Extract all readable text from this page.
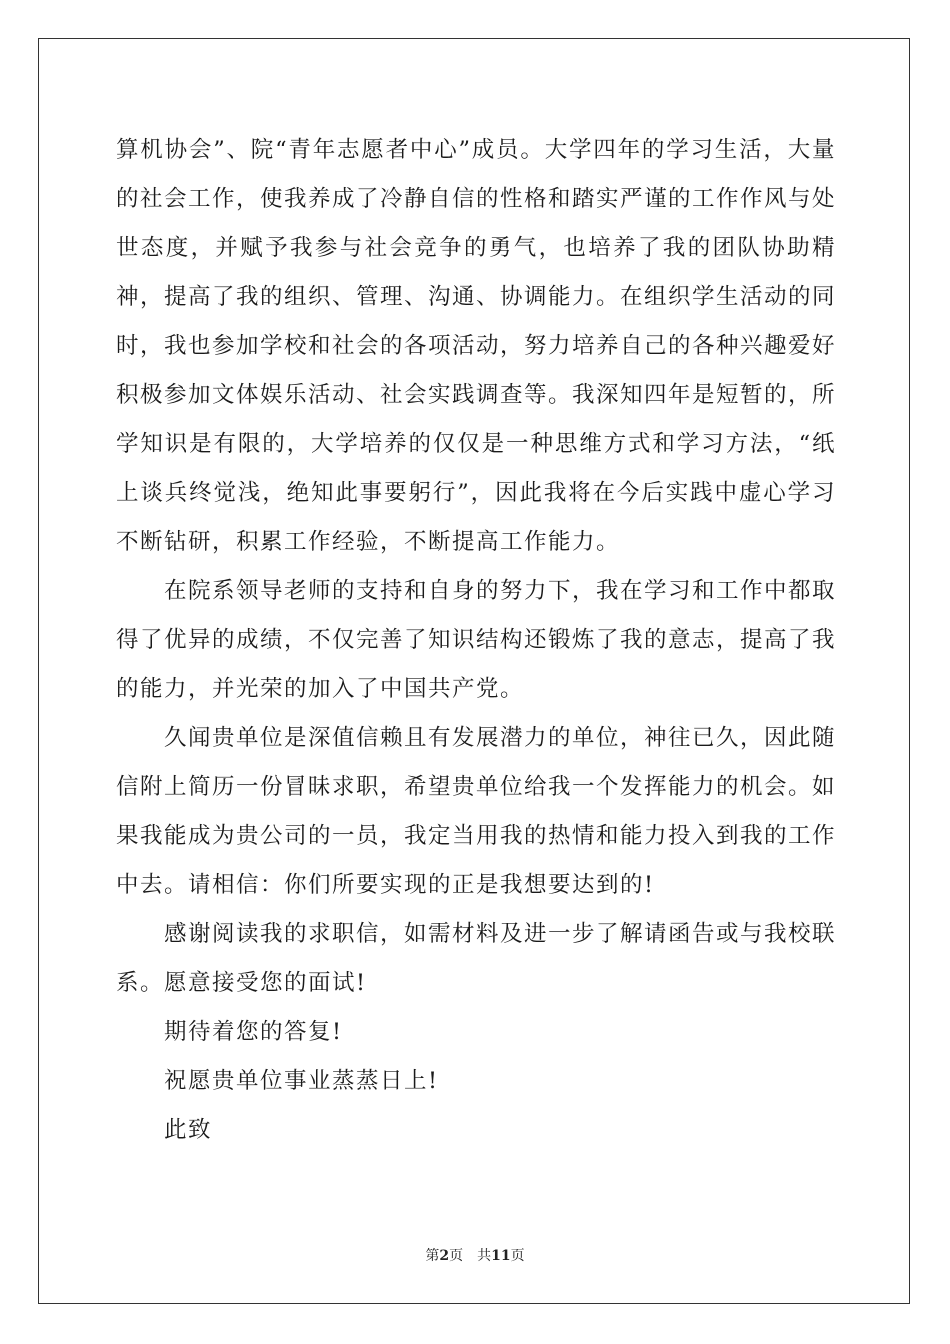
算机协会”、院“青年志愿者中心”成员。大学四年的学习生活，大量的社会工作，使我养成了冷静自信的性格和踏实严谨的工作作风与处世态度，并赋予我参与社会竞争的勇气，也培养了我的团队协助精神，提高了我的组织、管理、沟通、协调能力。在组织学生活动的同时，我也参加学校和社会的各项活动，努力培养自己的各种兴趣爱好积极参加文体娱乐活动、社会实践调查等。我深知四年是短暂的，所学知识是有限的，大学培养的仅仅是一种思维方式和学习方法，“纸上谈兵终觉浅，绝知此事要躬行”，因此我将在今后实践中虚心学习不断钻研，积累工作经验，不断提高工作能力。

在院系领导老师的支持和自身的努力下，我在学习和工作中都取得了优异的成绩，不仅完善了知识结构还锻炼了我的意志，提高了我的能力，并光荣的加入了中国共产党。

久闻贵单位是深值信赖且有发展潜力的单位，神往已久，因此随信附上简历一份冒昧求职，希望贵单位给我一个发挥能力的机会。如果我能成为贵公司的一员，我定当用我的热情和能力投入到我的工作中去。请相信：你们所要实现的正是我想要达到的!

感谢阅读我的求职信，如需材料及进一步了解请函告或与我校联系。愿意接受您的面试!

期待着您的答复!

祝愿贵单位事业蒸蒸日上!

此致

第2页 共11页
